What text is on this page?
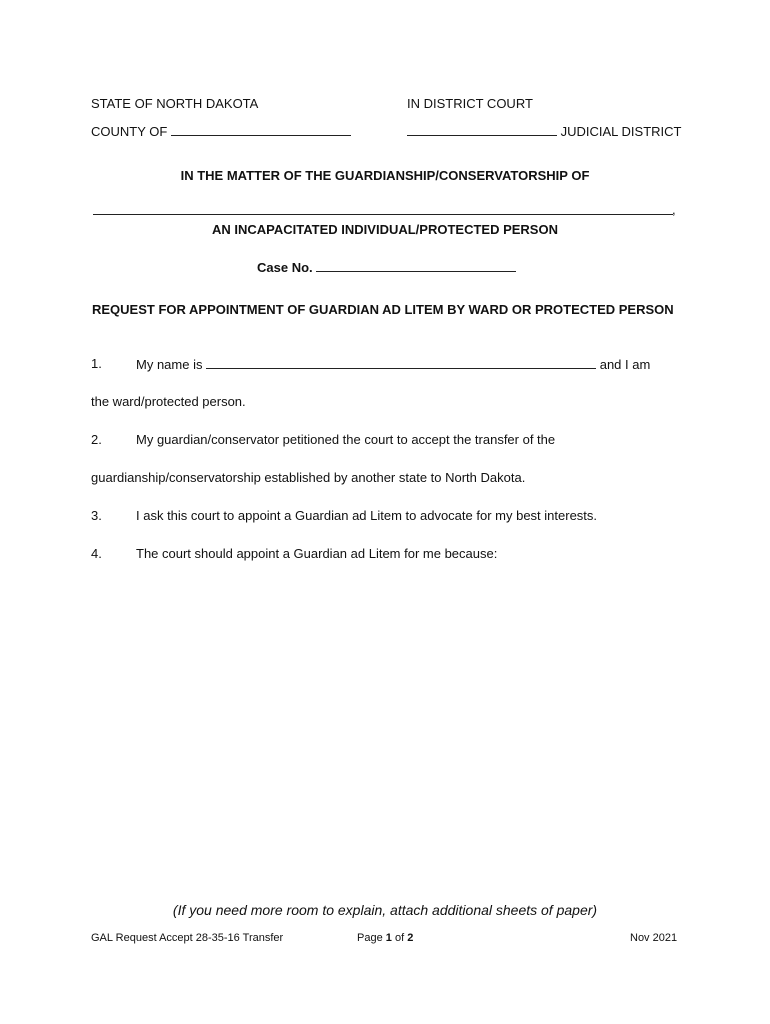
STATE OF NORTH DAKOTA	IN DISTRICT COURT
COUNTY OF	JUDICIAL DISTRICT
IN THE MATTER OF THE GUARDIANSHIP/CONSERVATORSHIP OF
,
AN INCAPACITATED INDIVIDUAL/PROTECTED PERSON
Case No.
REQUEST FOR APPOINTMENT OF GUARDIAN AD LITEM BY WARD OR PROTECTED PERSON
1.	My name is	and I am
the ward/protected person.
2.	My guardian/conservator petitioned the court to accept the transfer of the
guardianship/conservatorship established by another state to North Dakota.
3.	I ask this court to appoint a Guardian ad Litem to advocate for my best interests.
4.	The court should appoint a Guardian ad Litem for me because:
(If you need more room to explain, attach additional sheets of paper)
GAL Request Accept 28-35-16 Transfer	Page 1 of 2	Nov 2021
